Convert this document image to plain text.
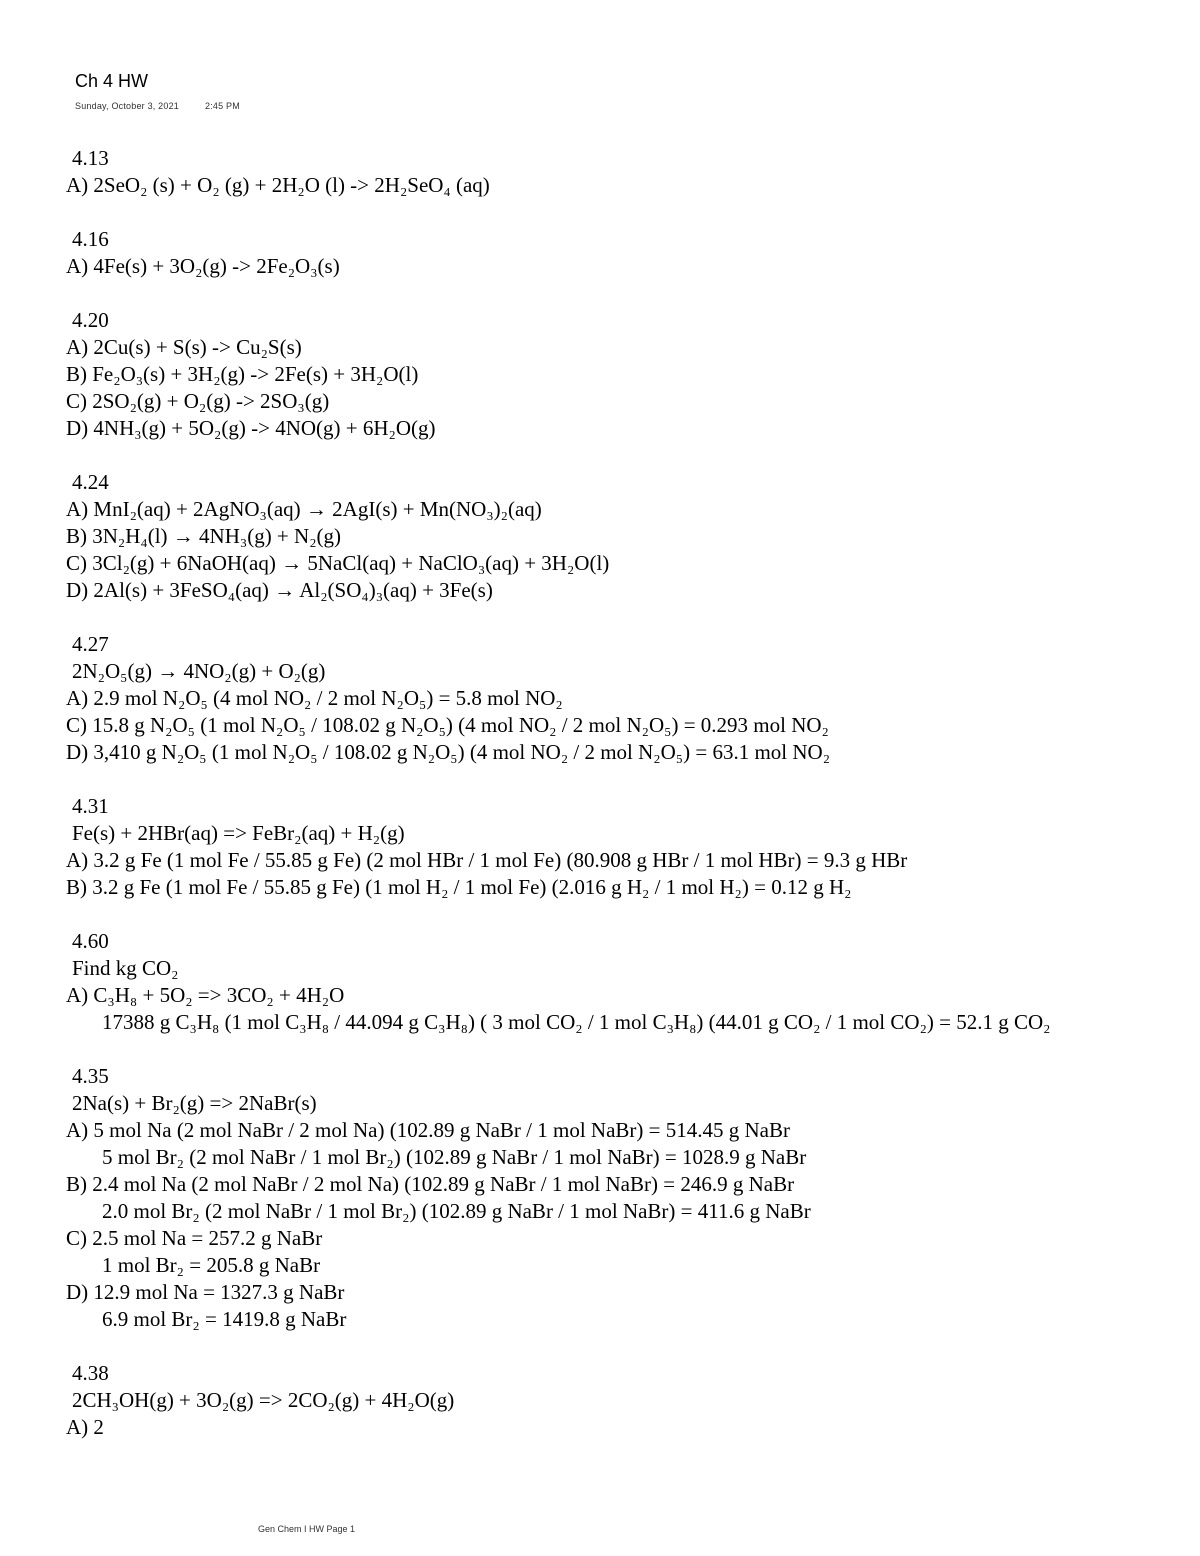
Ch 4 HW
Sunday, October 3, 2021	2:45 PM
4.13
A) 2SeO₂ (s) + O₂ (g) + 2H₂O (l) -> 2H₂SeO₄ (aq)
4.16
A) 4Fe(s) + 3O₂(g) -> 2Fe₂O₃(s)
4.20
A) 2Cu(s) + S(s) -> Cu₂S(s)
B) Fe₂O₃(s) + 3H₂(g) -> 2Fe(s) + 3H₂O(l)
C) 2SO₂(g) + O₂(g) -> 2SO₃(g)
D) 4NH₃(g) + 5O₂(g) -> 4NO(g) + 6H₂O(g)
4.24
A) MnI₂(aq) + 2AgNO₃(aq) → 2AgI(s) + Mn(NO₃)₂(aq)
B) 3N₂H₄(l) → 4NH₃(g) + N₂(g)
C) 3Cl₂(g) + 6NaOH(aq) → 5NaCl(aq) + NaClO₃(aq) + 3H₂O(l)
D) 2Al(s) + 3FeSO₄(aq) → Al₂(SO₄)₃(aq) + 3Fe(s)
4.27
2N₂O₅(g) → 4NO₂(g) + O₂(g)
A) 2.9 mol N₂O₅ (4 mol NO₂ / 2 mol N₂O₅) = 5.8 mol NO₂
C) 15.8 g N₂O₅ (1 mol N₂O₅ / 108.02 g N₂O₅) (4 mol NO₂ / 2 mol N₂O₅) = 0.293 mol NO₂
D) 3,410 g N₂O₅ (1 mol N₂O₅ / 108.02 g N₂O₅) (4 mol NO₂ / 2 mol N₂O₅) = 63.1 mol NO₂
4.31
Fe(s) + 2HBr(aq) => FeBr₂(aq) + H₂(g)
A) 3.2 g Fe (1 mol Fe / 55.85 g Fe) (2 mol HBr / 1 mol Fe) (80.908 g HBr / 1 mol HBr) = 9.3 g HBr
B) 3.2 g Fe (1 mol Fe / 55.85 g Fe) (1 mol H₂ / 1 mol Fe) (2.016 g H₂ / 1 mol H₂) = 0.12 g H₂
4.60
Find kg CO₂
A) C₃H₈ + 5O₂ => 3CO₂ + 4H₂O
17388 g C₃H₈ (1 mol C₃H₈ / 44.094 g C₃H₈) ( 3 mol CO₂ / 1 mol C₃H₈) (44.01 g CO₂ / 1 mol CO₂) = 52.1 g CO₂
4.35
2Na(s) + Br₂(g) => 2NaBr(s)
A) 5 mol Na (2 mol NaBr / 2 mol Na) (102.89 g NaBr / 1 mol NaBr) = 514.45 g NaBr
5 mol Br₂ (2 mol NaBr / 1 mol Br₂) (102.89 g NaBr / 1 mol NaBr) = 1028.9 g NaBr
B) 2.4 mol Na (2 mol NaBr / 2 mol Na) (102.89 g NaBr / 1 mol NaBr) = 246.9 g NaBr
2.0 mol Br₂ (2 mol NaBr / 1 mol Br₂) (102.89 g NaBr / 1 mol NaBr) = 411.6 g NaBr
C) 2.5 mol Na = 257.2 g NaBr
1 mol Br₂ = 205.8 g NaBr
D) 12.9 mol Na = 1327.3 g NaBr
6.9 mol Br₂ = 1419.8 g NaBr
4.38
2CH₃OH(g) + 3O₂(g) => 2CO₂(g) + 4H₂O(g)
A) 2
Gen Chem I HW Page 1
